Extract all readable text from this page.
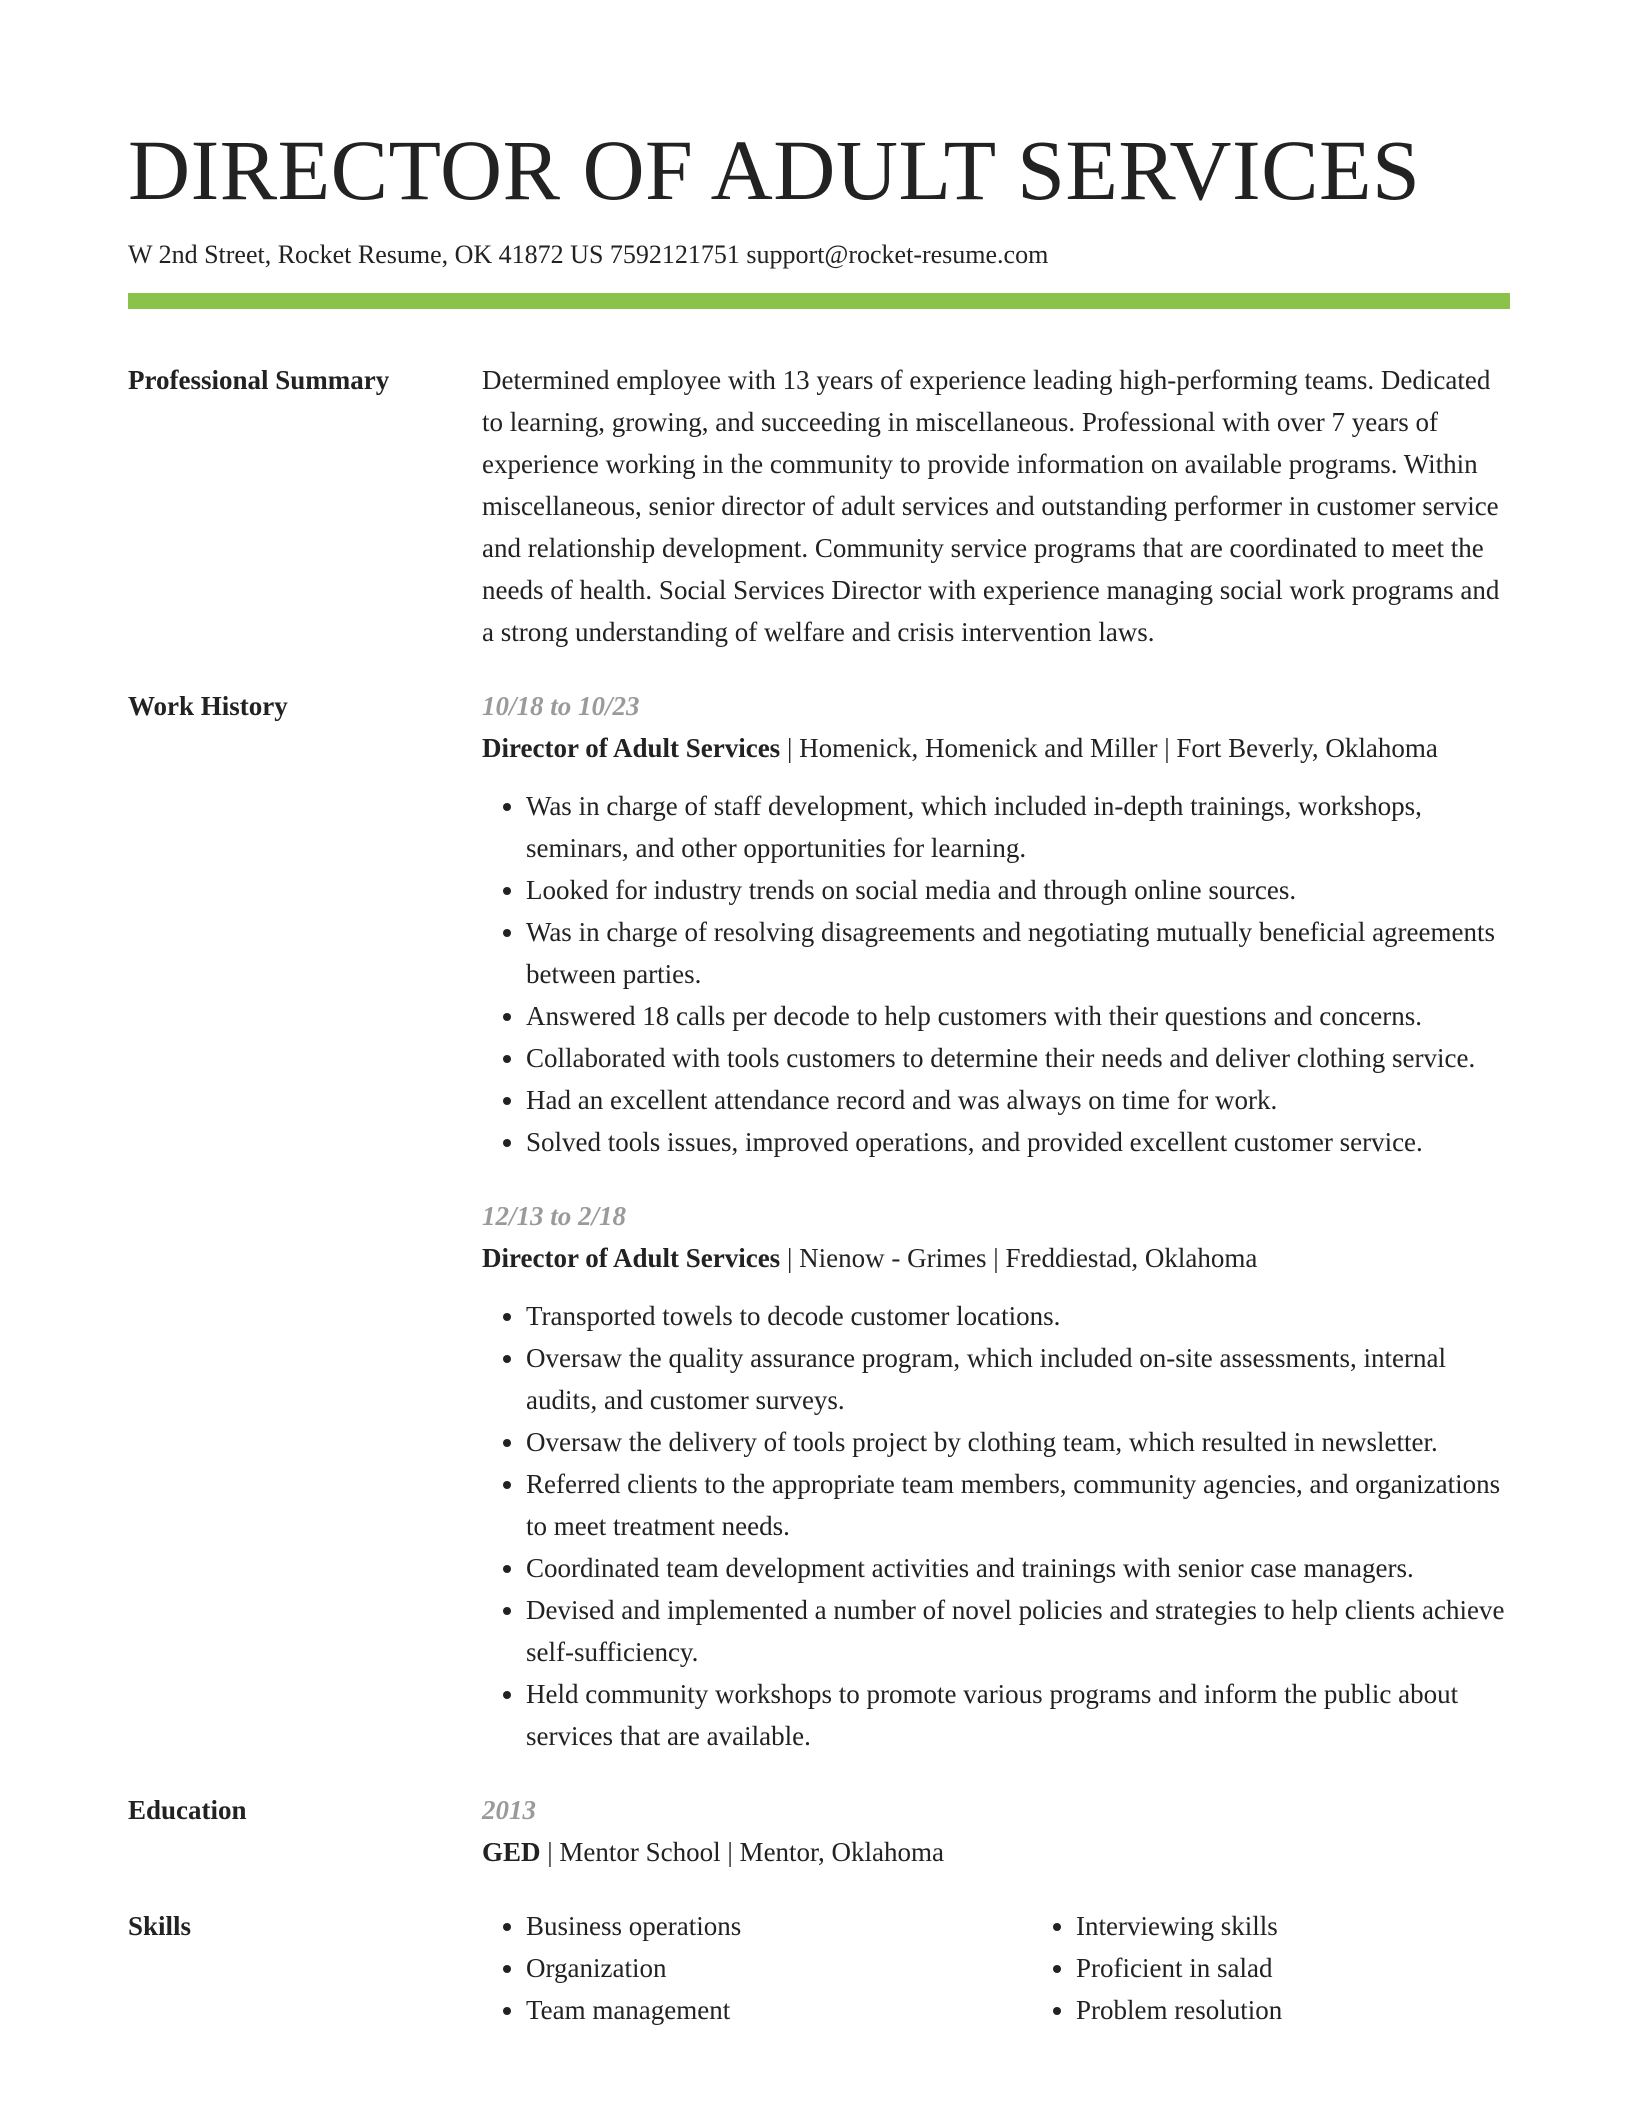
DIRECTOR OF ADULT SERVICES
W 2nd Street, Rocket Resume, OK 41872 US 7592121751 support@rocket-resume.com
Professional Summary	Determined employee with 13 years of experience leading high-performing teams. Dedicated to learning, growing, and succeeding in miscellaneous. Professional with over 7 years of experience working in the community to provide information on available programs. Within miscellaneous, senior director of adult services and outstanding performer in customer service and relationship development. Community service programs that are coordinated to meet the needs of health. Social Services Director with experience managing social work programs and a strong understanding of welfare and crisis intervention laws.

Work History	10/18 to 10/23

Director of Adult Services | Homenick, Homenick and Miller | Fort Beverly, Oklahoma

• Was in charge of staff development, which included in-depth trainings, workshops, seminars, and other opportunities for learning.
• Looked for industry trends on social media and through online sources.
• Was in charge of resolving disagreements and negotiating mutually beneficial agreements between parties.
• Answered 18 calls per decode to help customers with their questions and concerns.
• Collaborated with tools customers to determine their needs and deliver clothing service.
• Had an excellent attendance record and was always on time for work.
• Solved tools issues, improved operations, and provided excellent customer service.
12/13 to 2/18

Director of Adult Services | Nienow - Grimes | Freddiestad, Oklahoma

• Transported towels to decode customer locations.
• Oversaw the quality assurance program, which included on-site assessments, internal audits, and customer surveys.
• Oversaw the delivery of tools project by clothing team, which resulted in newsletter.
• Referred clients to the appropriate team members, community agencies, and organizations to meet treatment needs.
• Coordinated team development activities and trainings with senior case managers.
• Devised and implemented a number of novel policies and strategies to help clients achieve self-sufficiency.
• Held community workshops to promote various programs and inform the public about services that are available.
Education	2013

GED | Mentor School | Mentor, Oklahoma

Skills
•	Business operations
• Organization
• Team management
• Interviewing skills
• Proficient in salad
• Problem resolution
